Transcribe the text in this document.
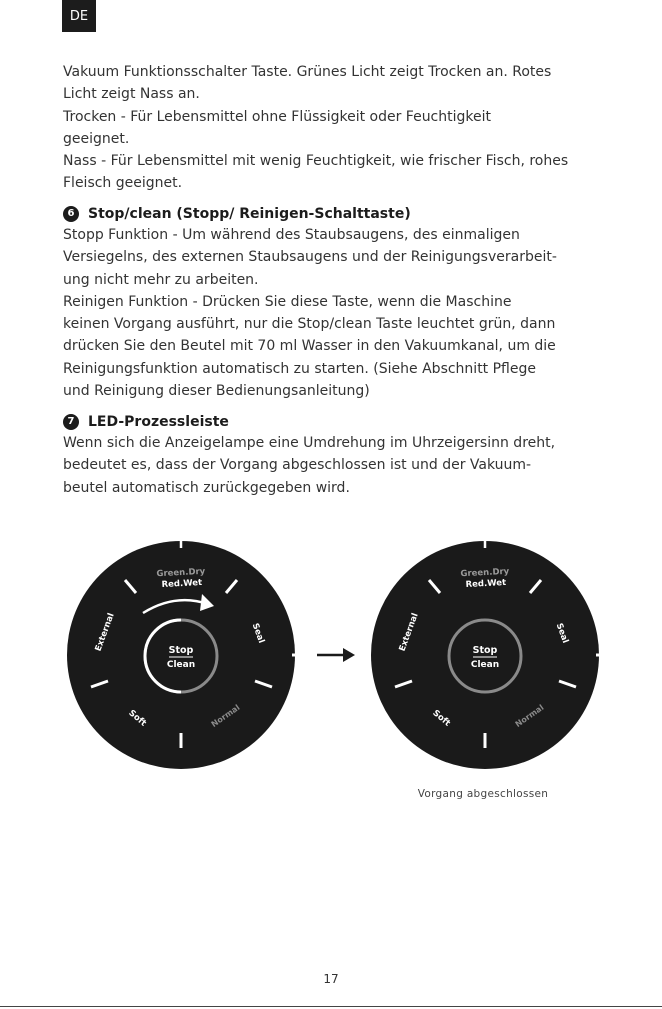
DE

Vakuum Funktionsschalter Taste. Grünes Licht zeigt Trocken an. Rotes

Licht zeigt Nass an.

Trocken - Für Lebensmittel ohne Flüssigkeit oder Feuchtigkeit

geeignet.

Nass - Für Lebensmittel mit wenig Feuchtigkeit, wie frischer Fisch, rohes

Fleisch geeignet.

6 Stop/clean (Stopp/ Reinigen-Schalttaste)

Stopp Funktion - Um während des Staubsaugens, des einmaligen

Versiegelns, des externen Staubsaugens und der Reinigungsverarbeit-

ung nicht mehr zu arbeiten.

Reinigen Funktion - Drücken Sie diese Taste, wenn die Maschine

keinen Vorgang ausführt, nur die Stop/clean Taste leuchtet grün, dann

drücken Sie den Beutel mit 70 ml Wasser in den Vakuumkanal, um die

Reinigungsfunktion automatisch zu starten. (Siehe Abschnitt Pflege

und Reinigung dieser Bedienungsanleitung)

7 LED-Prozessleiste

Wenn sich die Anzeigelampe eine Umdrehung im Uhrzeigersinn dreht,

bedeutet es, dass der Vorgang abgeschlossen ist und der Vakuum-

beutel automatisch zurückgegeben wird.

Green.Dry
Red.Wet
Seal
Normal
Soft
External	Stop
Clean
Green.Dry
Red.Wet
Seal
Normal
Soft
External	Stop
Clean
Vorgang abgeschlossen
17
